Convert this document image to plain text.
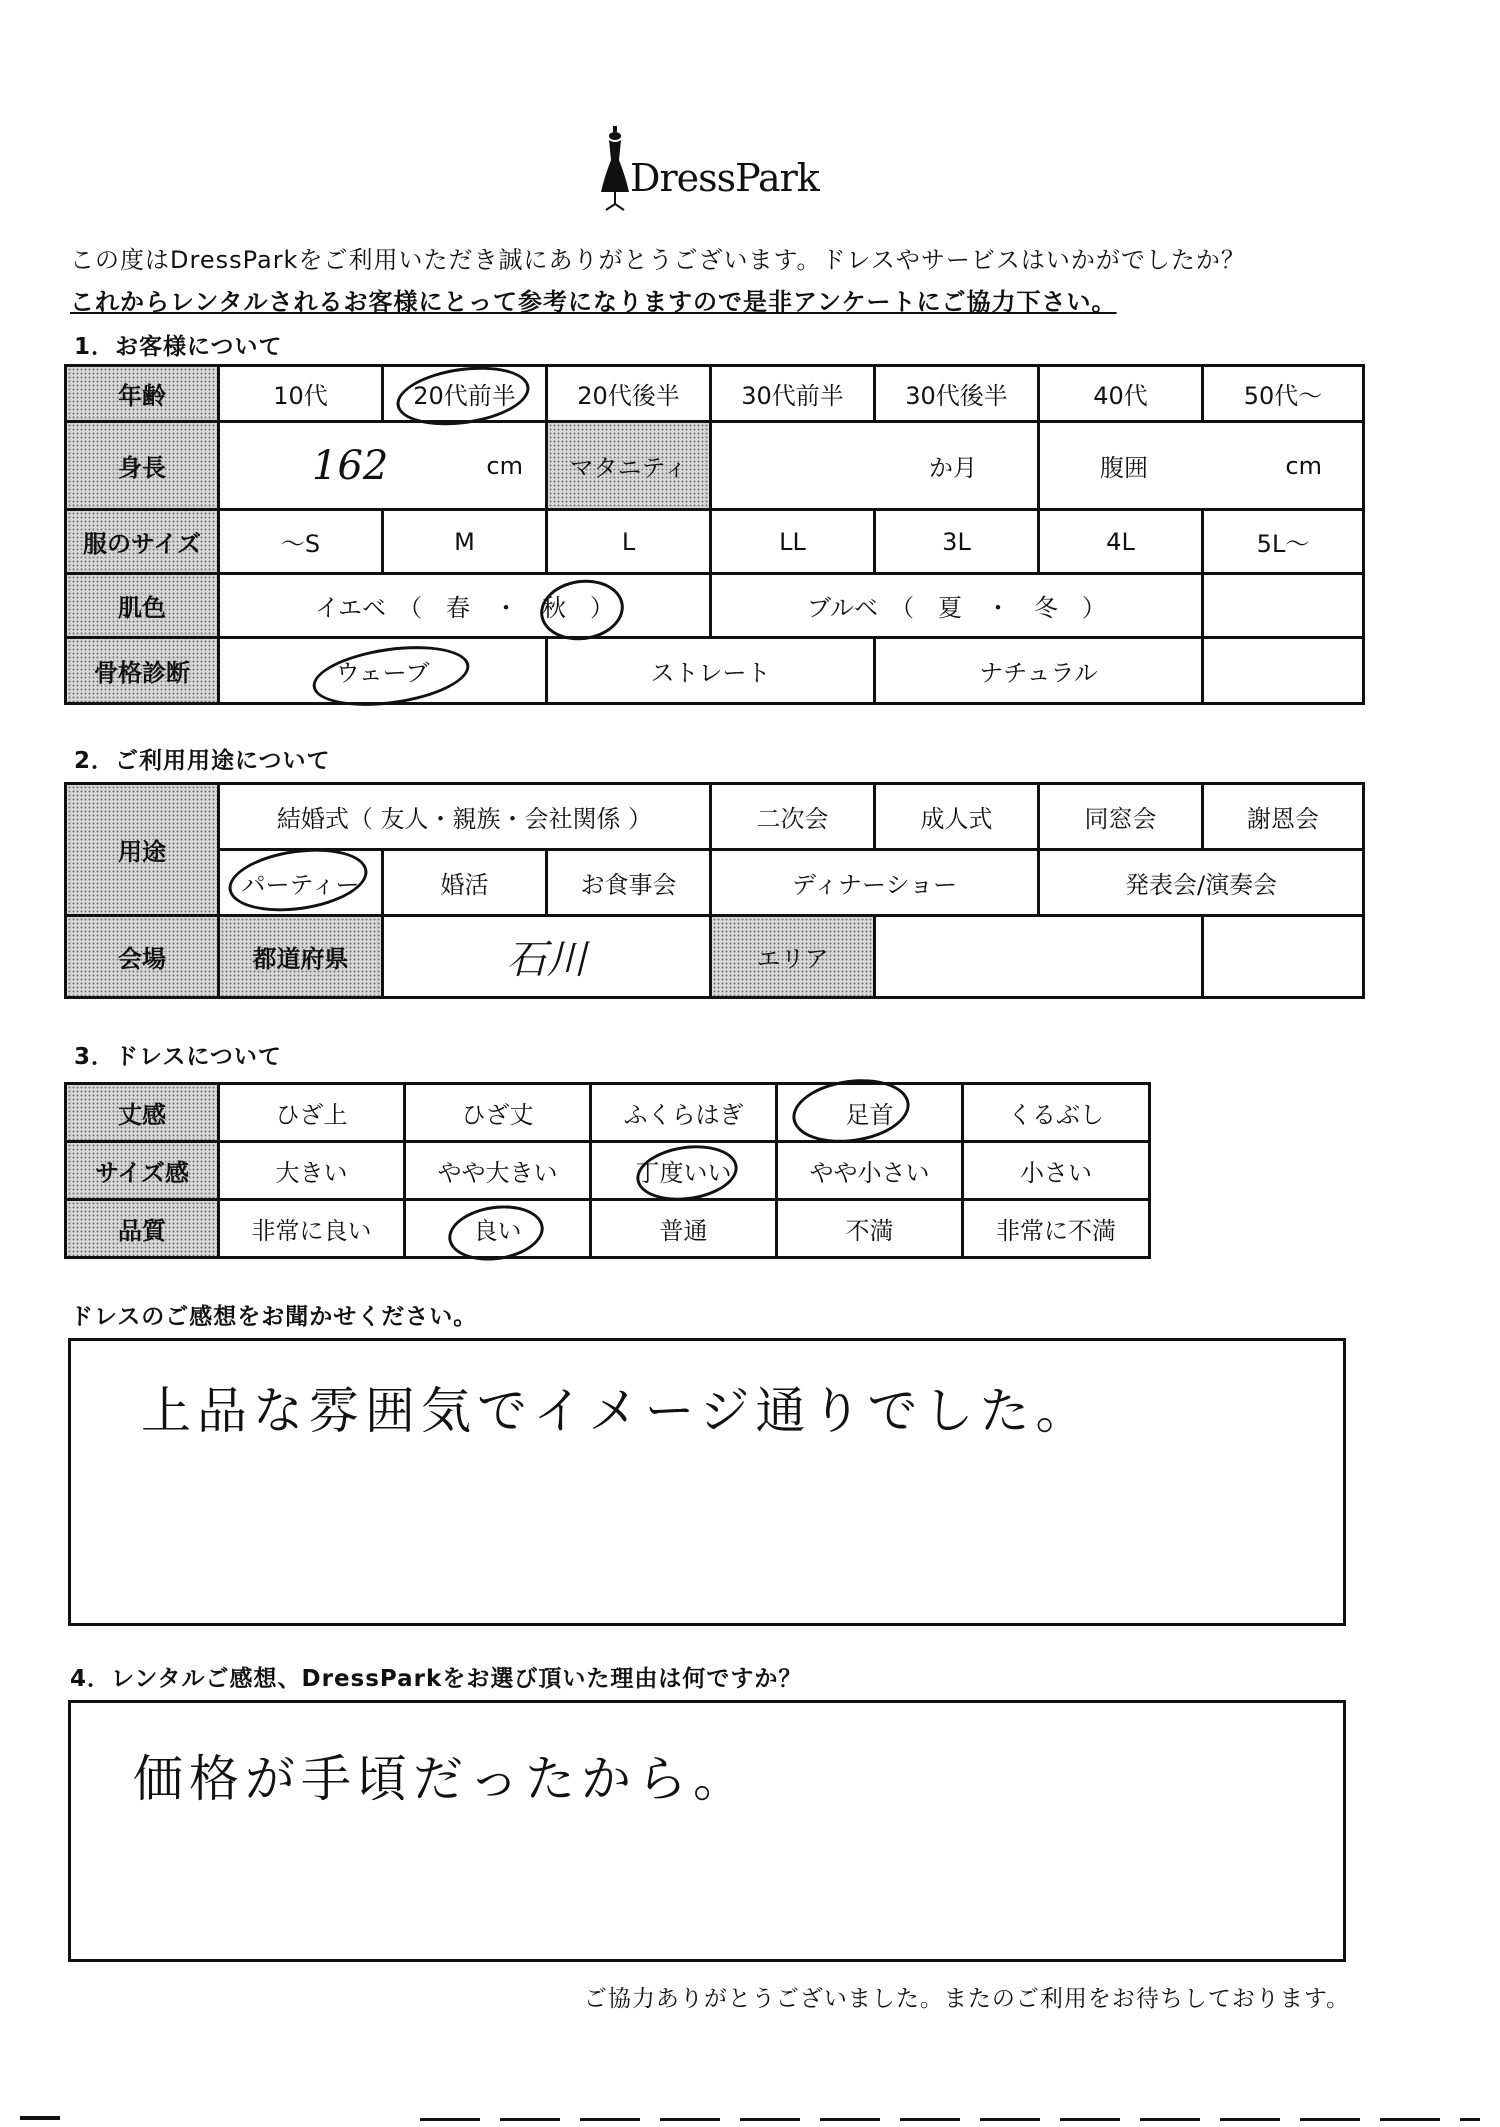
DressPark
この度はDressParkをご利用いただき誠にありがとうございます。ドレスやサービスはいかがでしたか？
これからレンタルされるお客様にとって参考になりますので是非アンケートにご協力下さい。
1．お客様について
年齢	10代	20代前半	20代後半	30代前半	30代後半	40代	50代～
身長	162 cm		マタニティ	か月		腹囲 cm	

服のサイズ	～S	M	L	LL	3L	4L	5L～
肌色	イエベ　（　春　・　秋　）			ブルベ　（　夏　・　冬　）			
骨格診断	ウェーブ		ストレート		ナチュラル		
2．ご利用用途について
用途	結婚式（ 友人・親族・会社関係 ）			二次会	成人式	同窓会	謝恩会
	パーティー	婚活	お食事会	ディナーショー		発表会/演奏会	
会場	都道府県	石川		エリア			
3．ドレスについて
丈感	ひざ上	ひざ丈	ふくらはぎ	足首	くるぶし
サイズ感	大きい	やや大きい	丁度いい	やや小さい	小さい
品質	非常に良い	良い	普通	不満	非常に不満
ドレスのご感想をお聞かせください。
上品な雰囲気でイメージ通りでした。
4．レンタルご感想、DressParkをお選び頂いた理由は何ですか？
価格が手頃だったから。
ご協力ありがとうございました。またのご利用をお待ちしております。
